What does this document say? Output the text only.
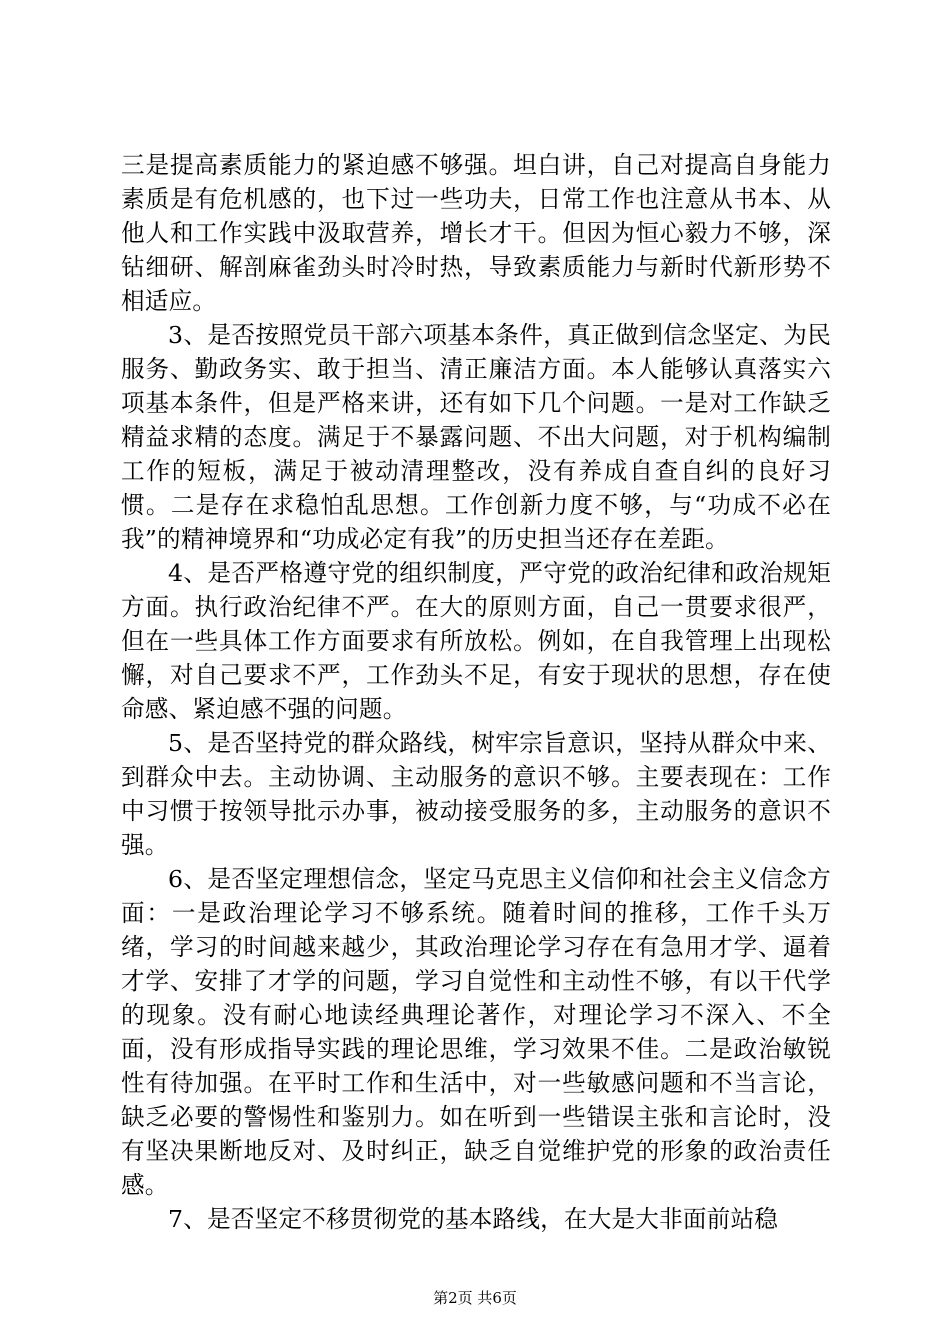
三是提高素质能力的紧迫感不够强。坦白讲，自己对提高自身能力素质是有危机感的，也下过一些功夫，日常工作也注意从书本、从他人和工作实践中汲取营养，增长才干。但因为恒心毅力不够，深钻细研、解剖麻雀劲头时冷时热，导致素质能力与新时代新形势不相适应。

3、是否按照党员干部六项基本条件，真正做到信念坚定、为民服务、勤政务实、敢于担当、清正廉洁方面。本人能够认真落实六项基本条件，但是严格来讲，还有如下几个问题。一是对工作缺乏精益求精的态度。满足于不暴露问题、不出大问题，对于机构编制工作的短板，满足于被动清理整改，没有养成自查自纠的良好习惯。二是存在求稳怕乱思想。工作创新力度不够，与“功成不必在我”的精神境界和“功成必定有我”的历史担当还存在差距。

4、是否严格遵守党的组织制度，严守党的政治纪律和政治规矩方面。执行政治纪律不严。在大的原则方面，自己一贯要求很严，但在一些具体工作方面要求有所放松。例如，在自我管理上出现松懈，对自己要求不严，工作劲头不足，有安于现状的思想，存在使命感、紧迫感不强的问题。

5、是否坚持党的群众路线，树牢宗旨意识，坚持从群众中来、到群众中去。主动协调、主动服务的意识不够。主要表现在：工作中习惯于按领导批示办事，被动接受服务的多，主动服务的意识不强。

6、是否坚定理想信念，坚定马克思主义信仰和社会主义信念方面：一是政治理论学习不够系统。随着时间的推移，工作千头万绪，学习的时间越来越少，其政治理论学习存在有急用才学、逼着才学、安排了才学的问题，学习自觉性和主动性不够，有以干代学的现象。没有耐心地读经典理论著作，对理论学习不深入、不全面，没有形成指导实践的理论思维，学习效果不佳。二是政治敏锐性有待加强。在平时工作和生活中，对一些敏感问题和不当言论，缺乏必要的警惕性和鉴别力。如在听到一些错误主张和言论时，没有坚决果断地反对、及时纠正，缺乏自觉维护党的形象的政治责任感。

7、是否坚定不移贯彻党的基本路线，在大是大非面前站稳

第2页 共6页
